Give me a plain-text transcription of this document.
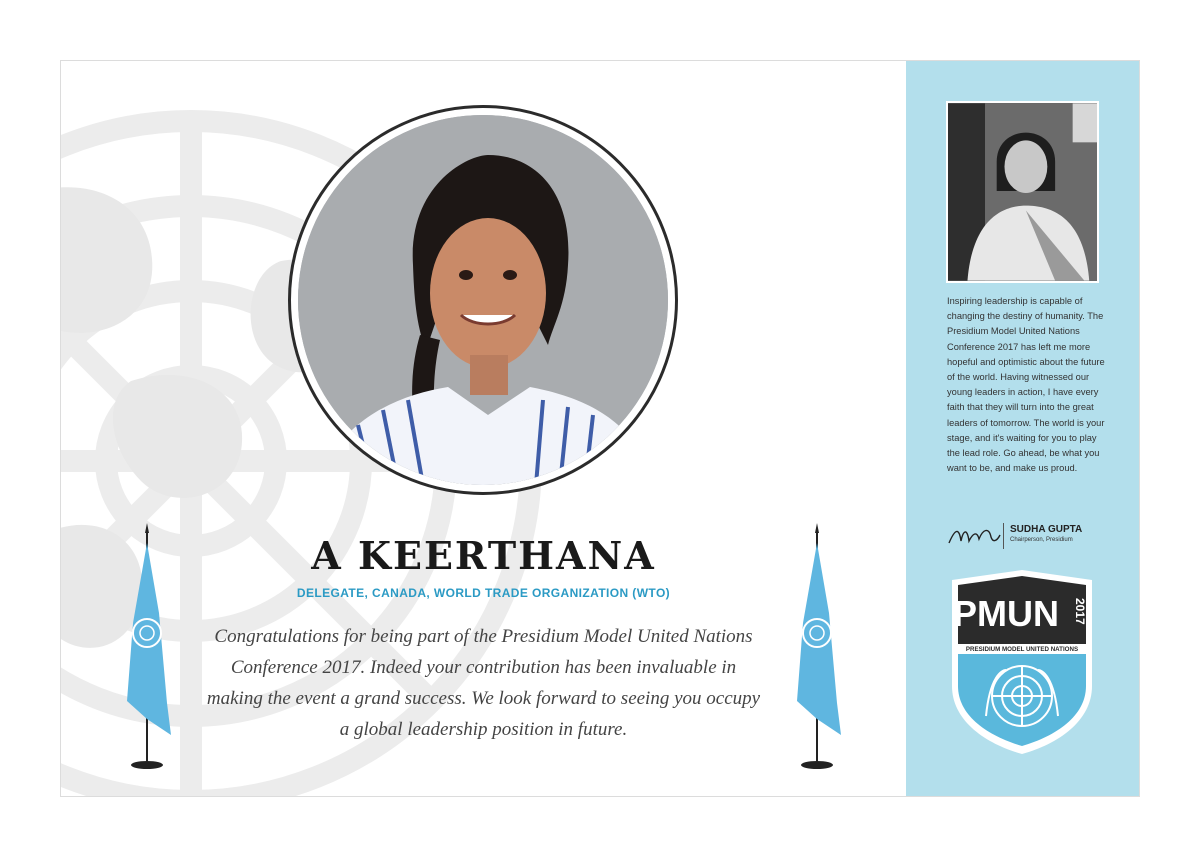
A KEERTHANA
DELEGATE, CANADA, WORLD TRADE ORGANIZATION (WTO)
Congratulations for being part of the Presidium Model United Nations Conference 2017. Indeed your contribution has been invaluable in making the event a grand success. We look forward to seeing you occupy a global leadership position in future.
Inspiring leadership is capable of changing the destiny of humanity. The Presidium Model United Nations Conference 2017 has left me more hopeful and optimistic about the future of the world. Having witnessed our young leaders in action, I have every faith that they will turn into the great leaders of tomorrow. The world is your stage, and it's waiting for you to play the lead role. Go ahead, be what you want to be, and make us proud.
SUDHA GUPTA
Chairperson, Presidium
PMUN 2017
PRESIDIUM MODEL UNITED NATIONS
